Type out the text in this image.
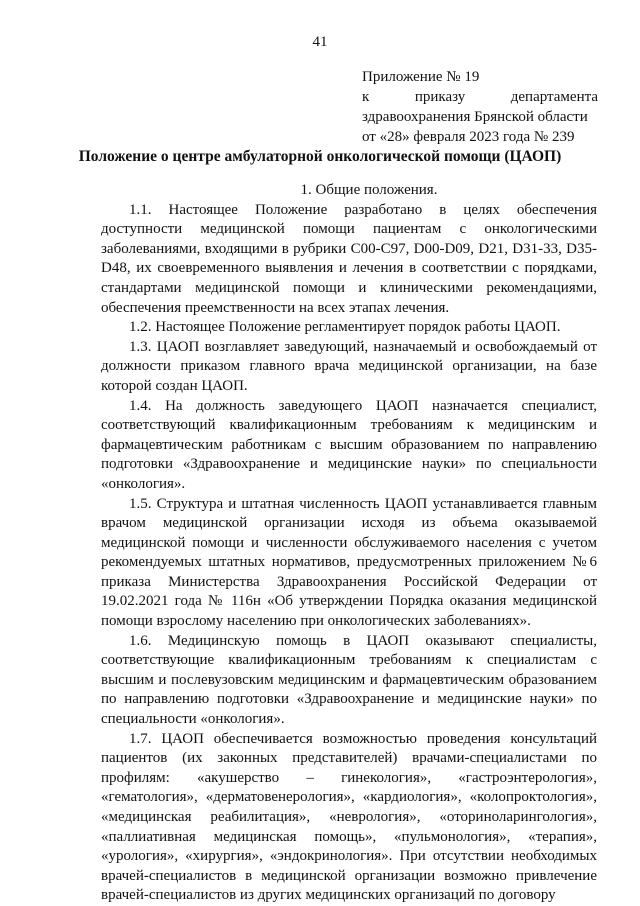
41
Приложение № 19
к приказу департамента
здравоохранения Брянской области
от «28» февраля 2023 года № 239
Положение о центре амбулаторной онкологической помощи (ЦАОП)

1. Общие положения.

1.1. Настоящее Положение разработано в целях обеспечения доступности медицинской помощи пациентам с онкологическими заболеваниями, входящими в рубрики С00-С97, D00-D09, D21, D31-33, D35-D48, их своевременного выявления и лечения в соответствии с порядками, стандартами медицинской помощи и клиническими рекомендациями, обеспечения преемственности на всех этапах лечения.

1.2. Настоящее Положение регламентирует порядок работы ЦАОП.

1.3. ЦАОП возглавляет заведующий, назначаемый и освобождаемый от должности приказом главного врача медицинской организации, на базе которой создан ЦАОП.

1.4. На должность заведующего ЦАОП назначается специалист, соответствующий квалификационным требованиям к медицинским и фармацевтическим работникам с высшим образованием по направлению подготовки «Здравоохранение и медицинские науки» по специальности «онкология».

1.5. Структура и штатная численность ЦАОП устанавливается главным врачом медицинской организации исходя из объема оказываемой медицинской помощи и численности обслуживаемого населения с учетом рекомендуемых штатных нормативов, предусмотренных приложением №6 приказа Министерства Здравоохранения Российской Федерации от 19.02.2021 года № 116н «Об утверждении Порядка оказания медицинской помощи взрослому населению при онкологических заболеваниях».

1.6. Медицинскую помощь в ЦАОП оказывают специалисты, соответствующие квалификационным требованиям к специалистам с высшим и послевузовским медицинским и фармацевтическим образованием по направлению подготовки «Здравоохранение и медицинские науки» по специальности «онкология».

1.7. ЦАОП обеспечивается возможностью проведения консультаций пациентов (их законных представителей) врачами-специалистами по профилям: «акушерство – гинекология», «гастроэнтерология», «гематология», «дерматовенерология», «кардиология», «колопроктология», «медицинская реабилитация», «неврология», «оториноларингология», «паллиативная медицинская помощь», «пульмонология», «терапия», «урология», «хирургия», «эндокринология». При отсутствии необходимых врачей-специалистов в медицинской организации возможно привлечение врачей-специалистов из других медицинских организаций по договору
